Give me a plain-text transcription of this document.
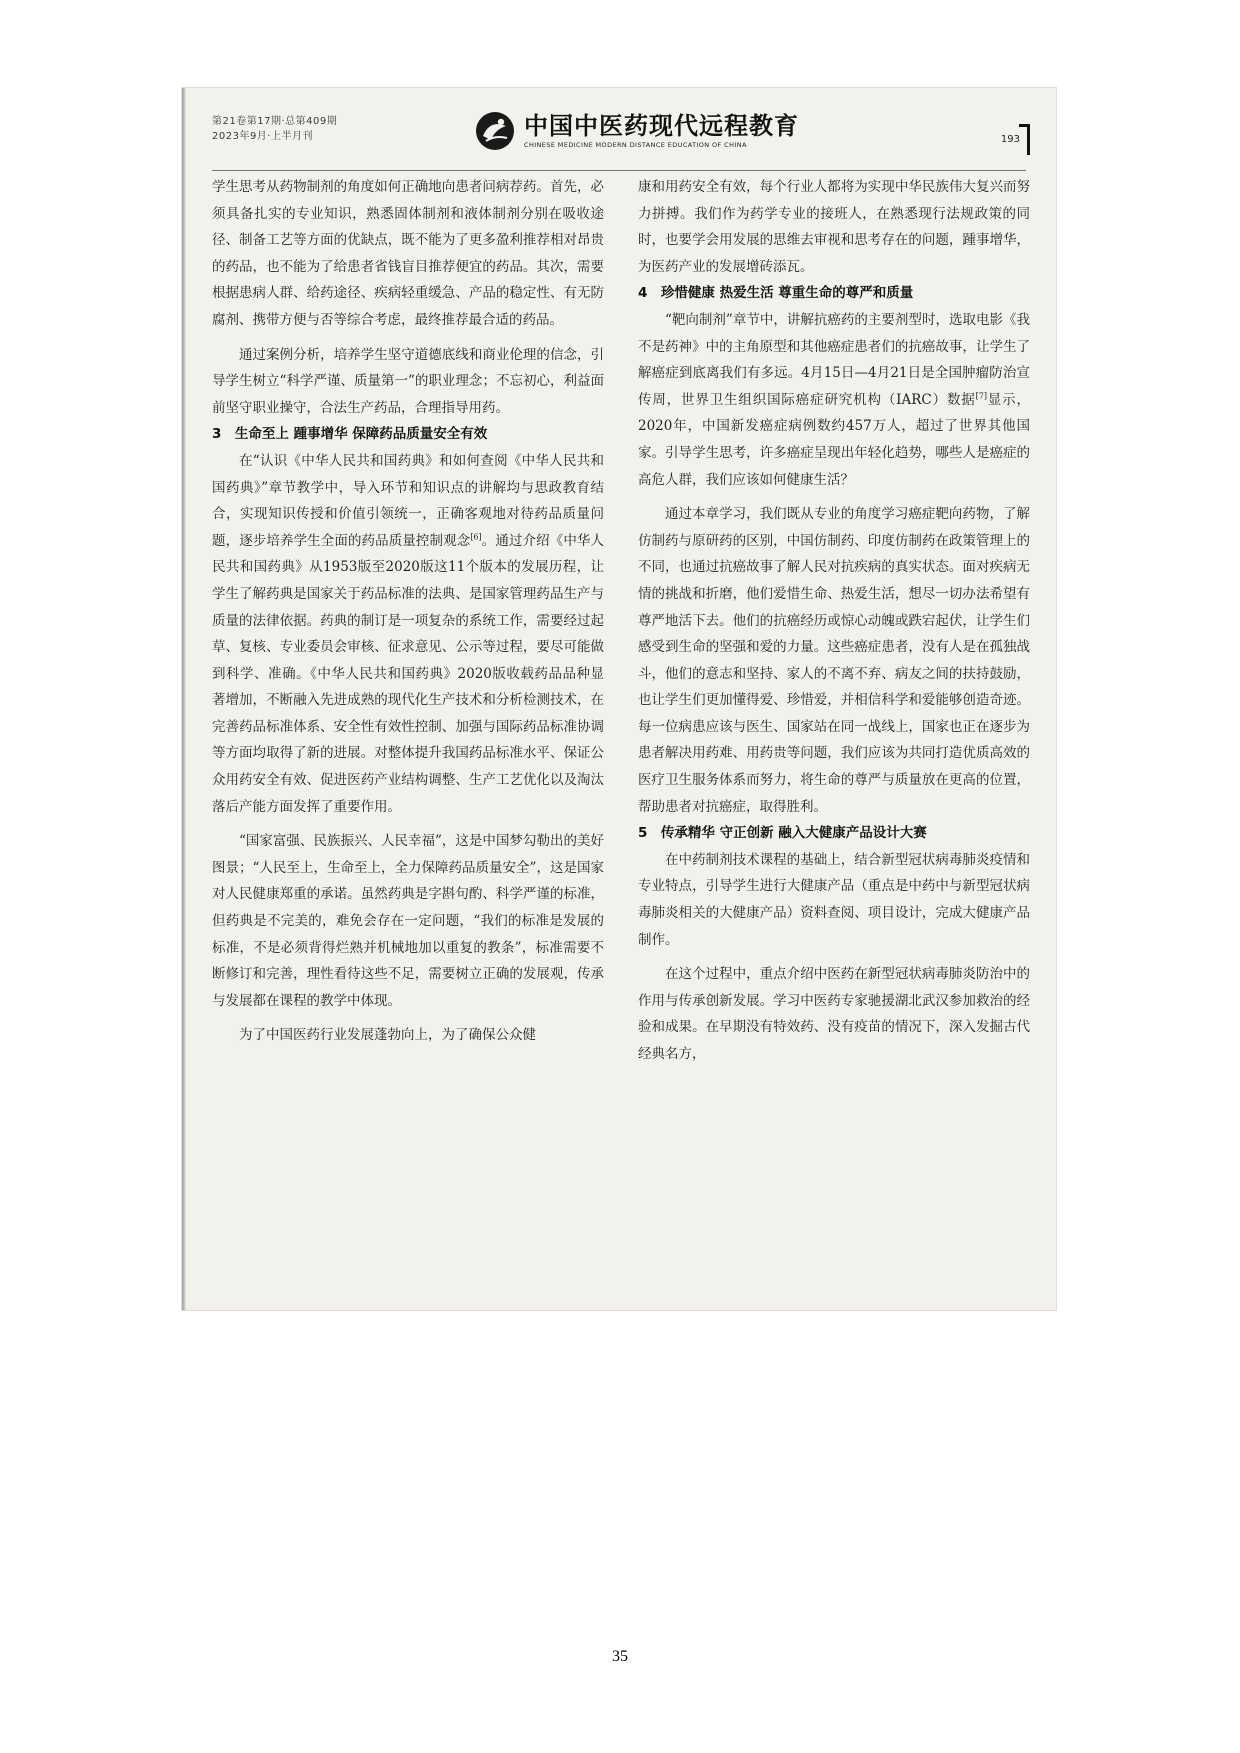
第21卷第17期·总第409期
2023年9月·上半月刊	中国中医药现代远程教育
CHINESE MEDICINE MODERN DISTANCE EDUCATION OF CHINA	193

学生思考从药物制剂的角度如何正确地向患者问病荐药。首先，必须具备扎实的专业知识，熟悉固体制剂和液体制剂分别在吸收途径、制备工艺等方面的优缺点，既不能为了更多盈利推荐相对昂贵的药品，也不能为了给患者省钱盲目推荐便宜的药品。其次，需要根据患病人群、给药途径、疾病轻重缓急、产品的稳定性、有无防腐剂、携带方便与否等综合考虑，最终推荐最合适的药品。

通过案例分析，培养学生坚守道德底线和商业伦理的信念，引导学生树立“科学严谨、质量第一”的职业理念；不忘初心，利益面前坚守职业操守，合法生产药品，合理指导用药。

3　生命至上 踵事增华 保障药品质量安全有效

在“认识《中华人民共和国药典》和如何查阅《中华人民共和国药典》”章节教学中，导入环节和知识点的讲解均与思政教育结合，实现知识传授和价值引领统一，正确客观地对待药品质量问题，逐步培养学生全面的药品质量控制观念[6]。通过介绍《中华人民共和国药典》从1953版至2020版这11个版本的发展历程，让学生了解药典是国家关于药品标准的法典、是国家管理药品生产与质量的法律依据。药典的制订是一项复杂的系统工作，需要经过起草、复核、专业委员会审核、征求意见、公示等过程，要尽可能做到科学、准确。《中华人民共和国药典》2020版收载药品品种显著增加，不断融入先进成熟的现代化生产技术和分析检测技术，在完善药品标准体系、安全性有效性控制、加强与国际药品标准协调等方面均取得了新的进展。对整体提升我国药品标准水平、保证公众用药安全有效、促进医药产业结构调整、生产工艺优化以及淘汰落后产能方面发挥了重要作用。

“国家富强、民族振兴、人民幸福”，这是中国梦勾勒出的美好图景；“人民至上，生命至上，全力保障药品质量安全”，这是国家对人民健康郑重的承诺。虽然药典是字斟句酌、科学严谨的标准，但药典是不完美的，难免会存在一定问题，“我们的标准是发展的标准，不是必须背得烂熟并机械地加以重复的教条”，标准需要不断修订和完善，理性看待这些不足，需要树立正确的发展观，传承与发展都在课程的教学中体现。

为了中国医药行业发展蓬勃向上，为了确保公众健

康和用药安全有效，每个行业人都将为实现中华民族伟大复兴而努力拼搏。我们作为药学专业的接班人，在熟悉现行法规政策的同时，也要学会用发展的思维去审视和思考存在的问题，踵事增华，为医药产业的发展增砖添瓦。

4　珍惜健康 热爱生活 尊重生命的尊严和质量

“靶向制剂”章节中，讲解抗癌药的主要剂型时，选取电影《我不是药神》中的主角原型和其他癌症患者们的抗癌故事，让学生了解癌症到底离我们有多远。4月15日—4月21日是全国肿瘤防治宣传周，世界卫生组织国际癌症研究机构（IARC）数据[7]显示，2020年，中国新发癌症病例数约457万人，超过了世界其他国家。引导学生思考，许多癌症呈现出年轻化趋势，哪些人是癌症的高危人群，我们应该如何健康生活？

通过本章学习，我们既从专业的角度学习癌症靶向药物，了解仿制药与原研药的区别，中国仿制药、印度仿制药在政策管理上的不同，也通过抗癌故事了解人民对抗疾病的真实状态。面对疾病无情的挑战和折磨，他们爱惜生命、热爱生活，想尽一切办法希望有尊严地活下去。他们的抗癌经历或惊心动魄或跌宕起伏，让学生们感受到生命的坚强和爱的力量。这些癌症患者，没有人是在孤独战斗，他们的意志和坚持、家人的不离不弃、病友之间的扶持鼓励，也让学生们更加懂得爱、珍惜爱，并相信科学和爱能够创造奇迹。每一位病患应该与医生、国家站在同一战线上，国家也正在逐步为患者解决用药难、用药贵等问题，我们应该为共同打造优质高效的医疗卫生服务体系而努力，将生命的尊严与质量放在更高的位置，帮助患者对抗癌症，取得胜利。

5　传承精华 守正创新 融入大健康产品设计大赛

在中药制剂技术课程的基础上，结合新型冠状病毒肺炎疫情和专业特点，引导学生进行大健康产品（重点是中药中与新型冠状病毒肺炎相关的大健康产品）资料查阅、项目设计，完成大健康产品制作。

在这个过程中，重点介绍中医药在新型冠状病毒肺炎防治中的作用与传承创新发展。学习中医药专家驰援湖北武汉参加救治的经验和成果。在早期没有特效药、没有疫苗的情况下，深入发掘古代经典名方，

35
